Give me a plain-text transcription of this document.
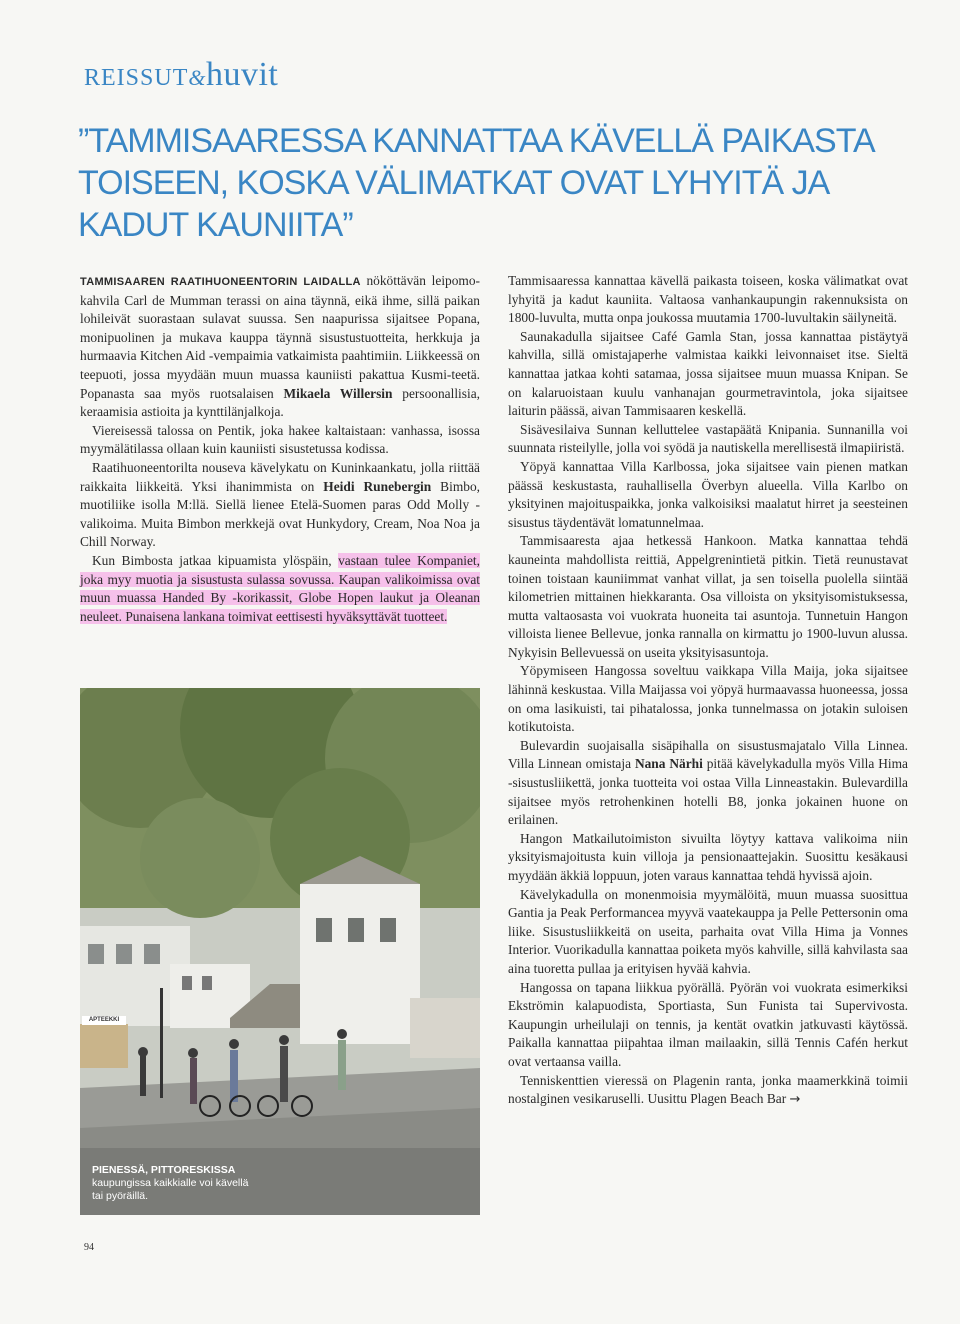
REISSUT&huvit
”TAMMISAARESSA KANNATTAA KÄVELLÄ PAIKASTA TOISEEN, KOSKA VÄLIMATKAT OVAT LYHYITÄ JA KADUT KAUNIITA”

TAMMISAAREN RAATIHUONEENTORIN LAIDALLA nököttävän leipomo-kahvila Carl de Mumman terassi on aina täynnä, eikä ihme, sillä paikan lohileivät suorastaan sulavat suussa. Sen naapurissa sijaitsee Popana, monipuolinen ja mukava kauppa täynnä sisustustuotteita, herkkuja ja hurmaavia Kitchen Aid -vempaimia vatkaimista paahtimiin. Liikkeessä on teepuoti, jossa myydään muun muassa kauniisti pakattua Kusmi-teetä. Popanasta saa myös ruotsalaisen Mikaela Willersin persoonallisia, keraamisia astioita ja kynttilänjalkoja.

Viereisessä talossa on Pentik, joka hakee kaltaistaan: vanhassa, isossa myymälätilassa ollaan kuin kauniisti sisustetussa kodissa.

Raatihuoneentorilta nouseva kävelykatu on Kuninkaankatu, jolla riittää raikkaita liikkeitä. Yksi ihanimmista on Heidi Runebergin Bimbo, muotiliike isolla M:llä. Siellä lienee Etelä-Suomen paras Odd Molly -valikoima. Muita Bimbon merkkejä ovat Hunkydory, Cream, Noa Noa ja Chill Norway.

Kun Bimbosta jatkaa kipuamista ylöspäin, vastaan tulee Kompaniet, joka myy muotia ja sisustusta sulassa sovussa. Kaupan valikoimissa ovat muun muassa Handed By -korikassit, Globe Hopen laukut ja Oleanan neuleet. Punaisena lankana toimivat eettisesti hyväksyttävät tuotteet.

APTEEKKI
PIENESSÄ, PITTORESKISSA kaupungissa kaikkialle voi kävellä tai pyöräillä.

Tammisaaressa kannattaa kävellä paikasta toiseen, koska välimatkat ovat lyhyitä ja kadut kauniita. Valtaosa vanhankaupungin rakennuksista on 1800-luvulta, mutta onpa joukossa muutamia 1700-luvultakin säilyneitä.

Saunakadulla sijaitsee Café Gamla Stan, jossa kannattaa pistäytyä kahvilla, sillä omistajaperhe valmistaa kaikki leivonnaiset itse. Sieltä kannattaa jatkaa kohti satamaa, jossa sijaitsee muun muassa Knipan. Se on kalaruoistaan kuulu vanhanajan gourmetravintola, joka sijaitsee laiturin päässä, aivan Tammisaaren keskellä.

Sisävesilaiva Sunnan kelluttelee vastapäätä Knipania. Sunnanilla voi suunnata risteilylle, jolla voi syödä ja nautiskella merellisestä ilmapiiristä.

Yöpyä kannattaa Villa Karlbossa, joka sijaitsee vain pienen matkan päässä keskustasta, rauhallisella Överbyn alueella. Villa Karlbo on yksityinen majoituspaikka, jonka valkoisiksi maalatut hirret ja seesteinen sisustus täydentävät lomatunnelmaa.

Tammisaaresta ajaa hetkessä Hankoon. Matka kannattaa tehdä kauneinta mahdollista reittiä, Appelgrenintietä pitkin. Tietä reunustavat toinen toistaan kauniimmat vanhat villat, ja sen toisella puolella siintää kilometrien mittainen hiekkaranta. Osa villoista on yksityisomistuksessa, mutta valtaosasta voi vuokrata huoneita tai asuntoja. Tunnetuin Hangon villoista lienee Bellevue, jonka rannalla on kirmattu jo 1900-luvun alussa. Nykyisin Bellevuessä on useita yksityisasuntoja.

Yöpymiseen Hangossa soveltuu vaikkapa Villa Maija, joka sijaitsee lähinnä keskustaa. Villa Maijassa voi yöpyä hurmaavassa huoneessa, jossa on oma lasikuisti, tai pihatalossa, jonka tunnelmassa on jotakin suloisen kotikutoista.

Bulevardin suojaisalla sisäpihalla on sisustusmajatalo Villa Linnea. Villa Linnean omistaja Nana Närhi pitää kävelykadulla myös Villa Hima -sisustusliikettä, jonka tuotteita voi ostaa Villa Linneastakin. Bulevardilla sijaitsee myös retrohenkinen hotelli B8, jonka jokainen huone on erilainen.

Hangon Matkailutoimiston sivuilta löytyy kattava valikoima niin yksityismajoitusta kuin villoja ja pensionaattejakin. Suosittu kesäkausi myydään äkkiä loppuun, joten varaus kannattaa tehdä hyvissä ajoin.

Kävelykadulla on monenmoisia myymälöitä, muun muassa suosittua Gantia ja Peak Performancea myyvä vaatekauppa ja Pelle Pettersonin oma liike. Sisustusliikkeitä on useita, parhaita ovat Villa Hima ja Vonnes Interior. Vuorikadulla kannattaa poiketa myös kahville, sillä kahvilasta saa aina tuoretta pullaa ja erityisen hyvää kahvia.

Hangossa on tapana liikkua pyörällä. Pyörän voi vuokrata esimerkiksi Ekströmin kalapuodista, Sportiasta, Sun Funista tai Supervivosta. Kaupungin urheilulaji on tennis, ja kentät ovatkin jatkuvasti käytössä. Paikalla kannattaa piipahtaa ilman mailaakin, sillä Tennis Cafén herkut ovat vertaansa vailla.

Tenniskenttien vieressä on Plagenin ranta, jonka maamerkkinä toimii nostalginen vesikaruselli. Uusittu Plagen Beach Bar →

94
